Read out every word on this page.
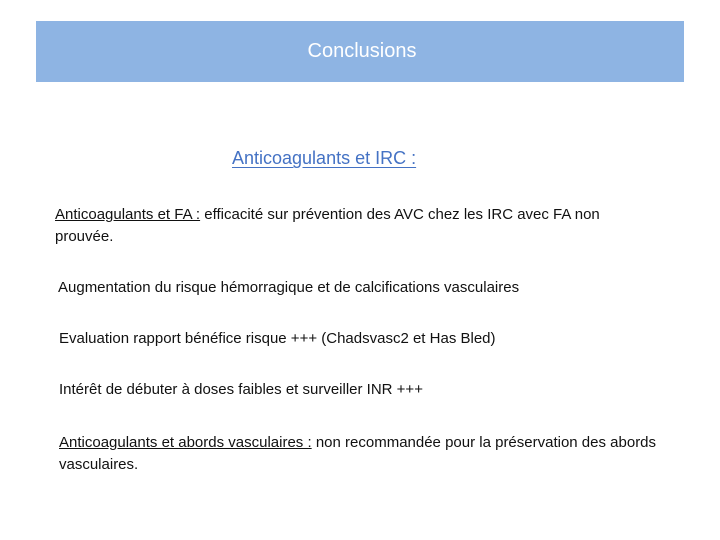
Conclusions
Anticoagulants et IRC :
Anticoagulants et FA : efficacité sur prévention des AVC chez les IRC avec FA non prouvée.
Augmentation du risque hémorragique et de calcifications vasculaires
Evaluation rapport bénéfice risque +++ (Chadsvasc2 et Has Bled)
Intérêt de débuter à doses faibles et surveiller INR +++
Anticoagulants et abords vasculaires : non recommandée pour la préservation des abords vasculaires.
